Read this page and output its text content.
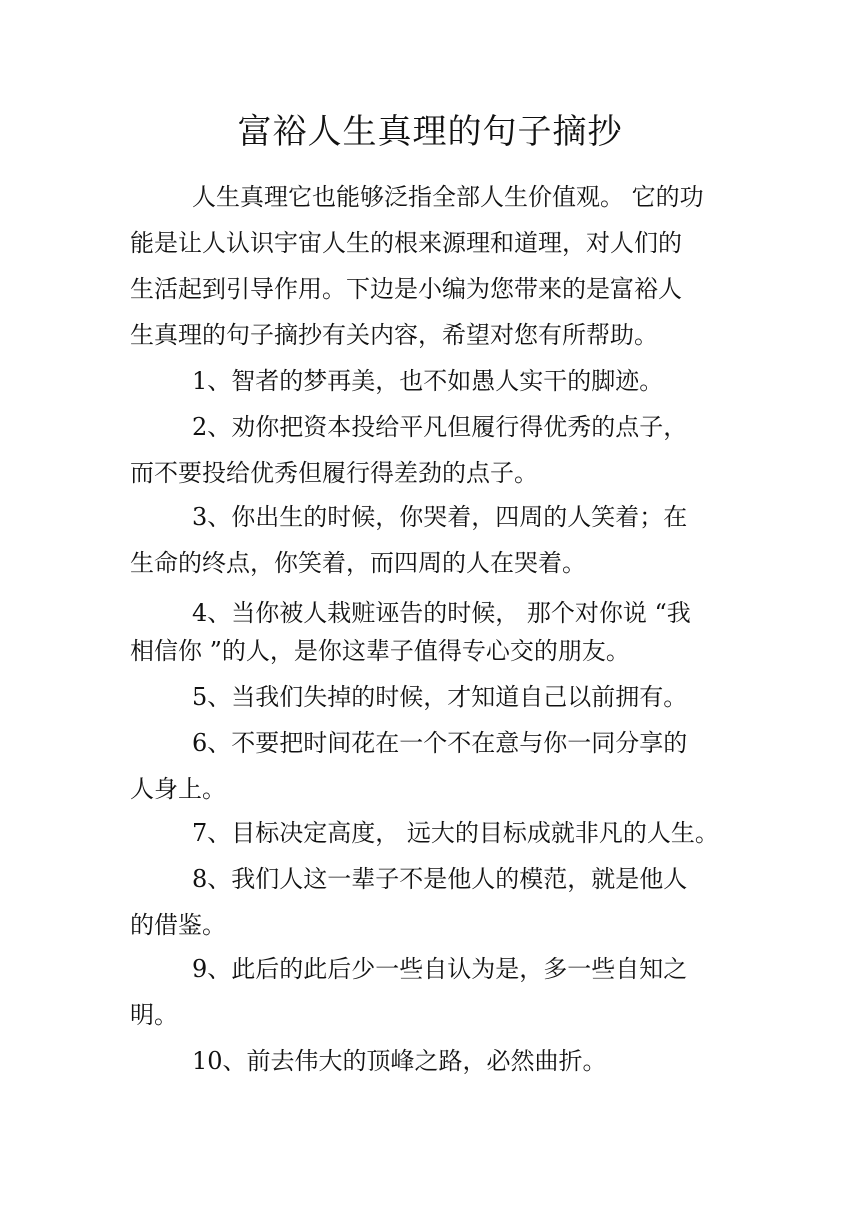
富裕人生真理的句子摘抄

人生真理它也能够泛指全部人生价值观。 它的功

能是让人认识宇宙人生的根来源理和道理，对人们的

生活起到引导作用。下边是小编为您带来的是富裕人

生真理的句子摘抄有关内容，希望对您有所帮助。

1、智者的梦再美，也不如愚人实干的脚迹。

2、劝你把资本投给平凡但履行得优秀的点子，

而不要投给优秀但履行得差劲的点子。

3、你出生的时候，你哭着，四周的人笑着；在

生命的终点，你笑着，而四周的人在哭着。

4、当你被人栽赃诬告的时候， 那个对你说 “我

相信你 ”的人，是你这辈子值得专心交的朋友。

5、当我们失掉的时候，才知道自己以前拥有。

6、不要把时间花在一个不在意与你一同分享的

人身上。

7、目标决定高度， 远大的目标成就非凡的人生。

8、我们人这一辈子不是他人的模范，就是他人

的借鉴。

9、此后的此后少一些自认为是，多一些自知之

明。

10、前去伟大的顶峰之路，必然曲折。
